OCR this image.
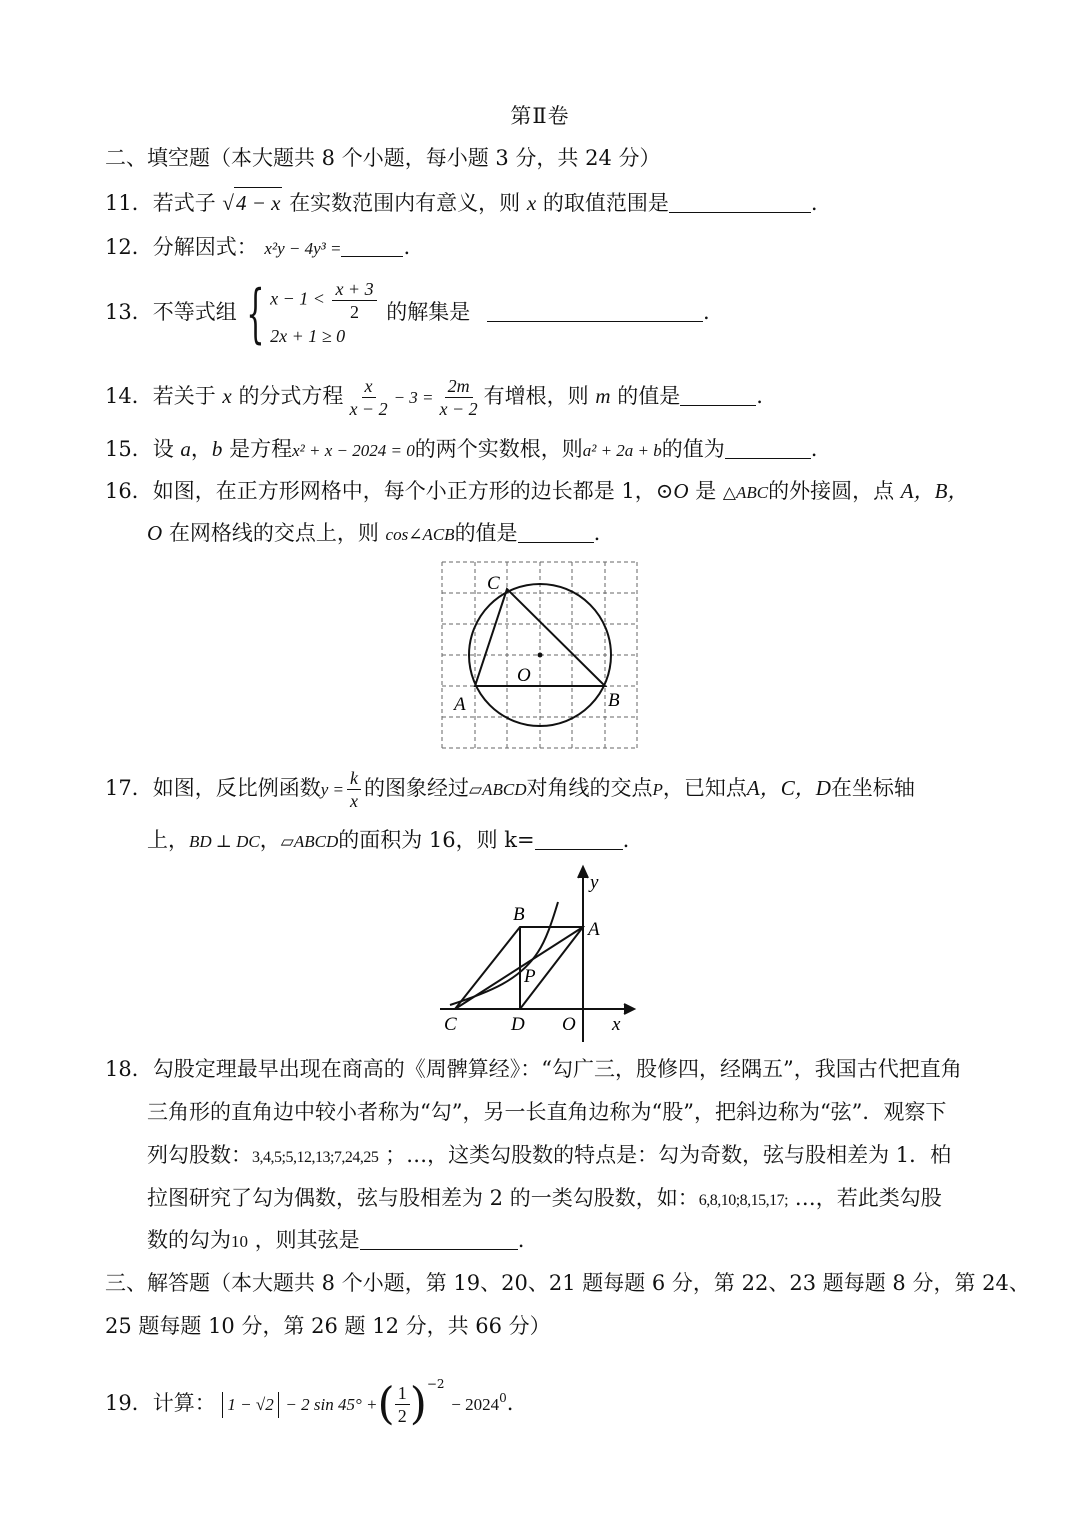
第Ⅱ卷
二、填空题（本大题共 8 个小题，每小题 3 分，共 24 分）
11．若式子 √4 − x 在实数范围内有意义，则 x 的取值范围是	.
12．分解因式： x²y − 4y³ =	.
13．不等式组 { $x - 1 < \frac{x + 3}{2}$
2x + 1 ≥ 0
的解集是	.
14．若关于 x 的分式方程 $\frac{x}{x - 2} - 3 = \frac{2m}{x - 2}$ 有增根，则 m 的值是	.
15．设 a，b 是方程x² + x − 2024 = 0的两个实数根，则a² + 2a + b的值为	.
16．如图，在正方形网格中，每个小正方形的边长都是 1，⊙O 是 △ABC的外接圆，点 A，B，
O 在网格线的交点上，则 cos∠ACB的值是	.
C
O
A	B
17．如图，反比例函数$y = \frac{k}{x}$ 的图象经过▱ABCD对角线的交点P，已知点A，C，D在坐标轴
上，BD ⊥ DC，▱ABCD的面积为 16，则 k=	.
B
A
P
C	D O x
y
18．勾股定理最早出现在商高的《周髀算经》：“勾广三，股修四，经隅五”，我国古代把直角
三角形的直角边中较小者称为“勾”，另一长直角边称为“股”，把斜边称为“弦”．观察下
列勾股数：3,4,5;5,12,13;7,24,25 ；…，这类勾股数的特点是：勾为奇数，弦与股相差为 1．柏
拉图研究了勾为偶数，弦与股相差为 2 的一类勾股数，如：6,8,10;8,15,17; …，若此类勾股
数的勾为10 ，则其弦是	.
三、解答题（本大题共 8 个小题，第 19、20、21 题每题 6 分，第 22、23 题每题 8 分，第 24、
25 题每题 10 分，第 26 题 12 分，共 66 分）
19．计算： 1 − √2 − 2 sin 45° +( $\frac{1}{2} )^{-2} - 2024^0$.
